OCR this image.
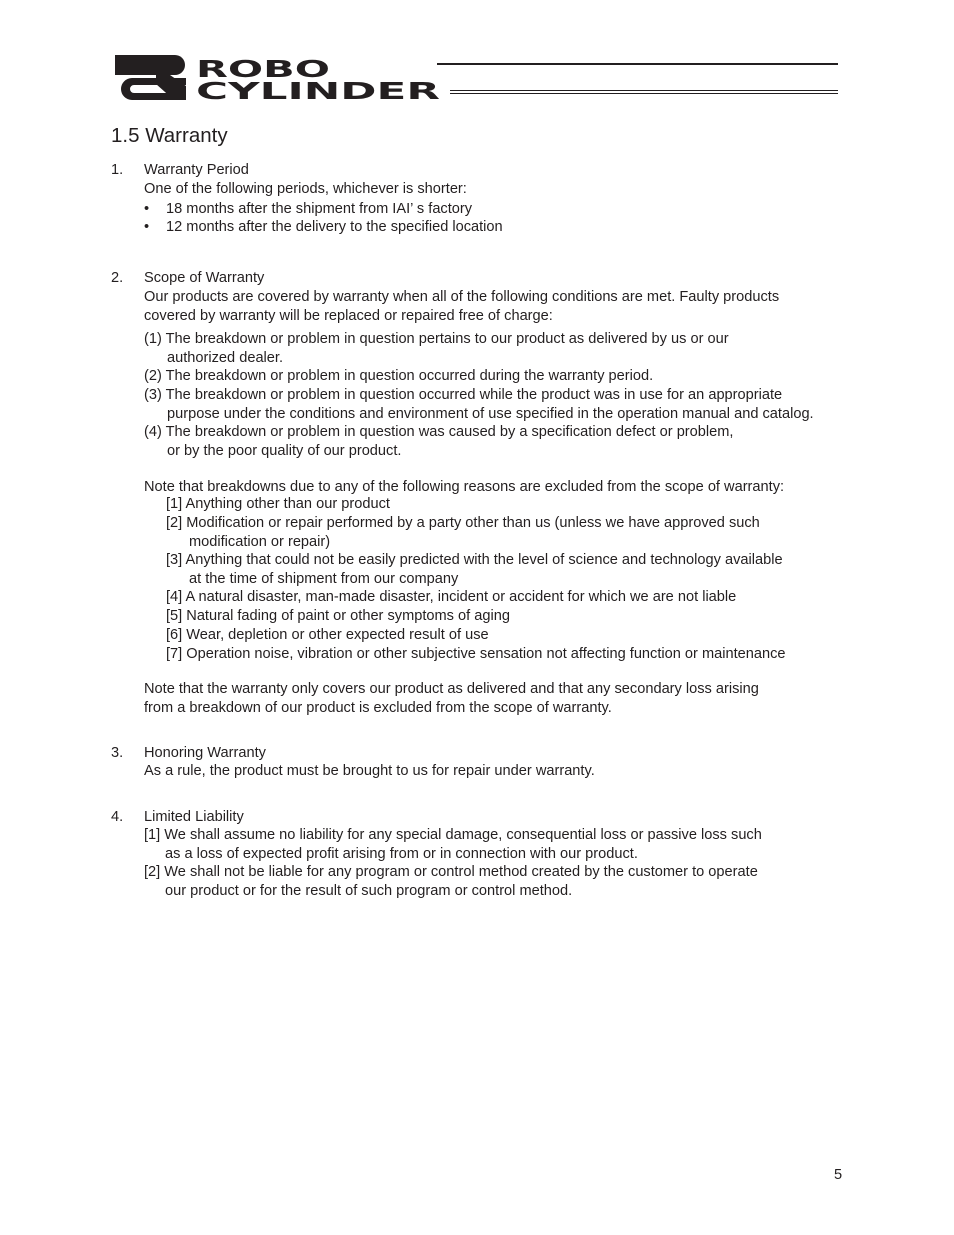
ROBO
CYLINDER
1.5 Warranty
1. Warranty Period
One of the following periods, whichever is shorter:
• 18 months after the shipment from IAI’ s factory
• 12 months after the delivery to the specified location
2. Scope of Warranty
Our products are covered by warranty when all of the following conditions are met. Faulty products
covered by warranty will be replaced or repaired free of charge:
(1) The breakdown or problem in question pertains to our product as delivered by us or our
authorized dealer.
(2) The breakdown or problem in question occurred during the warranty period.
(3) The breakdown or problem in question occurred while the product was in use for an appropriate
purpose under the conditions and environment of use specified in the operation manual and catalog.
(4) The breakdown or problem in question was caused by a specification defect or problem,
or by the poor quality of our product.
Note that breakdowns due to any of the following reasons are excluded from the scope of warranty:
[1] Anything other than our product
[2] Modification or repair performed by a party other than us (unless we have approved such
modification or repair)
[3] Anything that could not be easily predicted with the level of science and technology available
at the time of shipment from our company
[4] A natural disaster, man-made disaster, incident or accident for which we are not liable
[5] Natural fading of paint or other symptoms of aging
[6] Wear, depletion or other expected result of use
[7] Operation noise, vibration or other subjective sensation not affecting function or maintenance
Note that the warranty only covers our product as delivered and that any secondary loss arising
from a breakdown of our product is excluded from the scope of warranty.
3. Honoring Warranty
As a rule, the product must be brought to us for repair under warranty.
4. Limited Liability
[1] We shall assume no liability for any special damage, consequential loss or passive loss such
as a loss of expected profit arising from or in connection with our product.
[2] We shall not be liable for any program or control method created by the customer to operate
our product or for the result of such program or control method.
5
